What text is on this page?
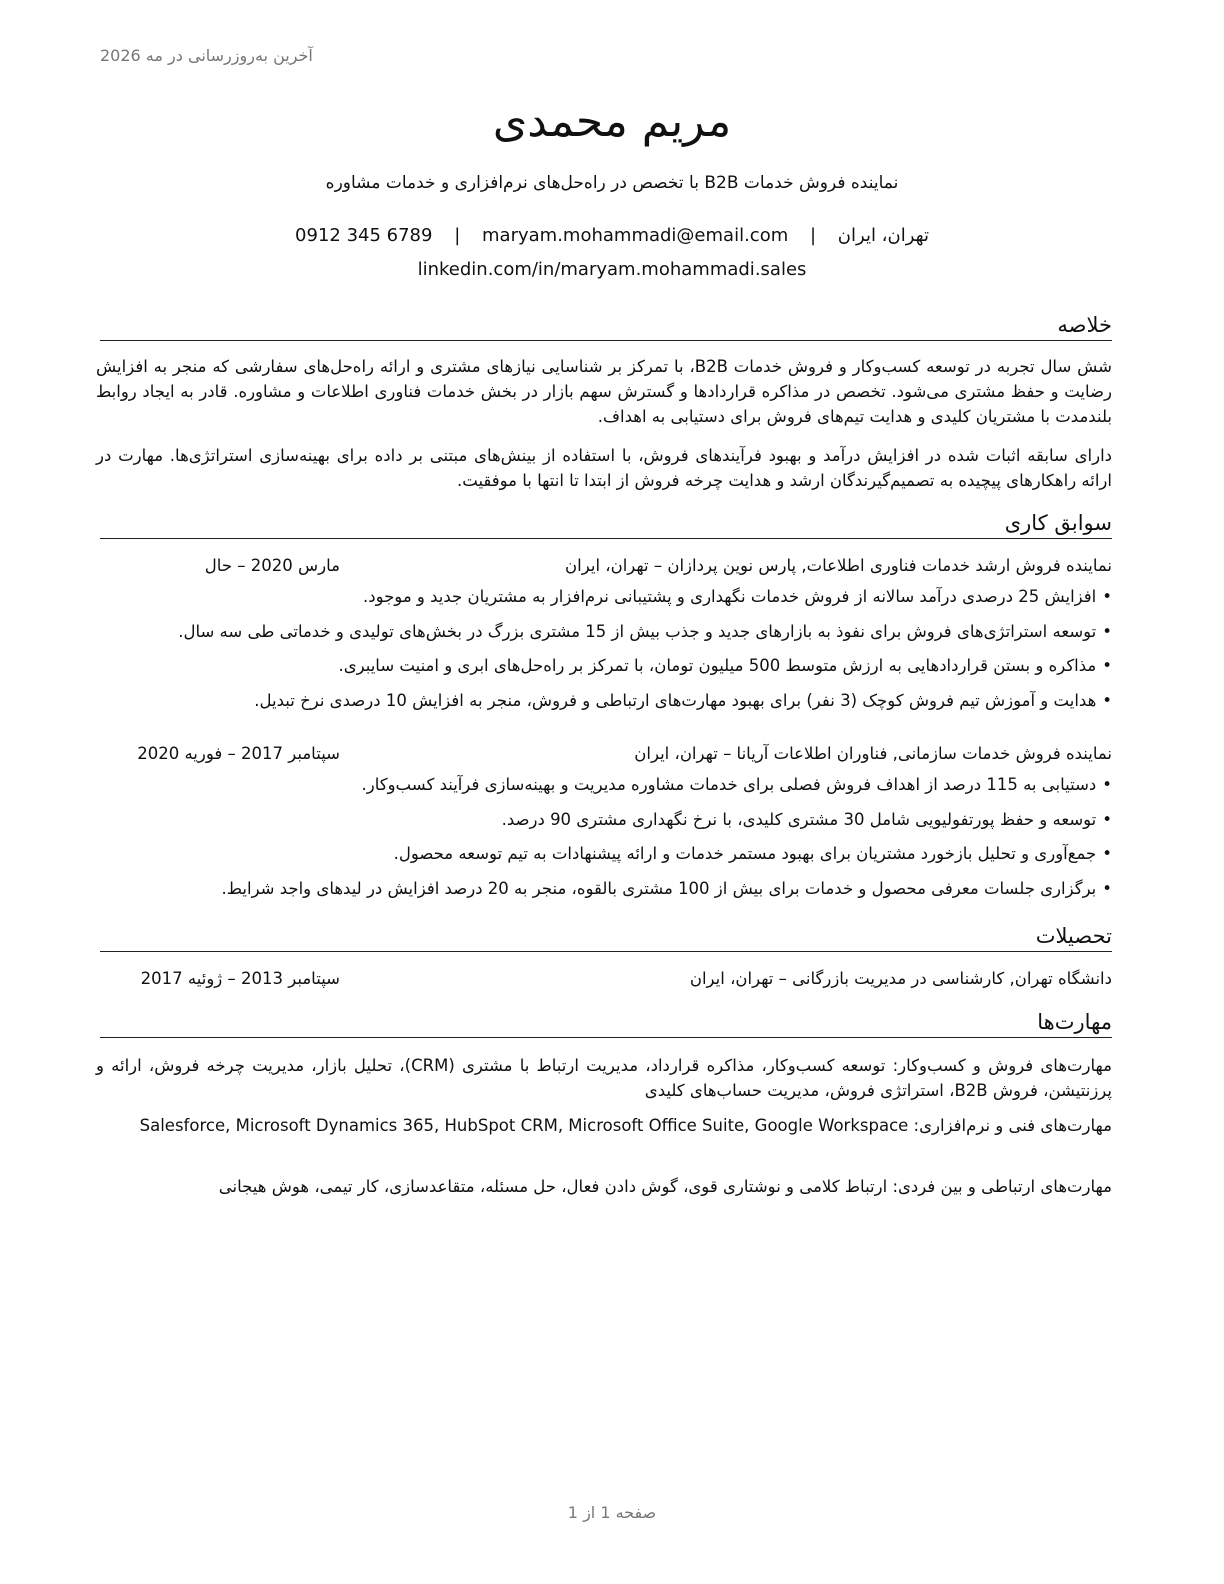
آخرین به‌روزرسانی در مه 2026
مریم محمدی
نماینده فروش خدمات B2B با تخصص در راه‌حل‌های نرم‌افزاری و خدمات مشاوره
تهران، ایران | maryam.mohammadi@email.com | 0912 345 6789
linkedin.com/in/maryam.mohammadi.sales
خلاصه
شش سال تجربه در توسعه کسب‌وکار و فروش خدمات B2B، با تمرکز بر شناسایی نیازهای مشتری و ارائه راه‌حل‌های سفارشی که منجر به افزایش رضایت و حفظ مشتری می‌شود. تخصص در مذاکره قراردادها و گسترش سهم بازار در بخش خدمات فناوری اطلاعات و مشاوره. قادر به ایجاد روابط بلندمدت با مشتریان کلیدی و هدایت تیم‌های فروش برای دستیابی به اهداف.
دارای سابقه اثبات شده در افزایش درآمد و بهبود فرآیندهای فروش، با استفاده از بینش‌های مبتنی بر داده برای بهینه‌سازی استراتژی‌ها. مهارت در ارائه راهکارهای پیچیده به تصمیم‌گیرندگان ارشد و هدایت چرخه فروش از ابتدا تا انتها با موفقیت.
سوابق کاری
نماینده فروش ارشد خدمات فناوری اطلاعات, پارس نوین پردازان – تهران، ایران
مارس 2020 – حال
• افزایش 25 درصدی درآمد سالانه از فروش خدمات نگهداری و پشتیبانی نرم‌افزار به مشتریان جدید و موجود.
• توسعه استراتژی‌های فروش برای نفوذ به بازارهای جدید و جذب بیش از 15 مشتری بزرگ در بخش‌های تولیدی و خدماتی طی سه سال.
• مذاکره و بستن قراردادهایی به ارزش متوسط 500 میلیون تومان، با تمرکز بر راه‌حل‌های ابری و امنیت سایبری.
• هدایت و آموزش تیم فروش کوچک (3 نفر) برای بهبود مهارت‌های ارتباطی و فروش، منجر به افزایش 10 درصدی نرخ تبدیل.
نماینده فروش خدمات سازمانی, فناوران اطلاعات آریانا – تهران، ایران
سپتامبر 2017 – فوریه 2020
• دستیابی به 115 درصد از اهداف فروش فصلی برای خدمات مشاوره مدیریت و بهینه‌سازی فرآیند کسب‌وکار.
• توسعه و حفظ پورتفولیویی شامل 30 مشتری کلیدی، با نرخ نگهداری مشتری 90 درصد.
• جمع‌آوری و تحلیل بازخورد مشتریان برای بهبود مستمر خدمات و ارائه پیشنهادات به تیم توسعه محصول.
• برگزاری جلسات معرفی محصول و خدمات برای بیش از 100 مشتری بالقوه، منجر به 20 درصد افزایش در لیدهای واجد شرایط.
تحصیلات
دانشگاه تهران, کارشناسی در مدیریت بازرگانی – تهران، ایران
سپتامبر 2013 – ژوئیه 2017
مهارت‌ها
مهارت‌های فروش و کسب‌وکار: توسعه کسب‌وکار، مذاکره قرارداد، مدیریت ارتباط با مشتری (CRM)، تحلیل بازار، مدیریت چرخه فروش، ارائه و پرزنتیشن، فروش B2B، استراتژی فروش، مدیریت حساب‌های کلیدی
مهارت‌های فنی و نرم‌افزاری: Salesforce, Microsoft Dynamics 365, HubSpot CRM, Microsoft Office Suite, Google Workspace
مهارت‌های ارتباطی و بین فردی: ارتباط کلامی و نوشتاری قوی، گوش دادن فعال، حل مسئله، متقاعدسازی، کار تیمی، هوش هیجانی
صفحه 1 از 1
